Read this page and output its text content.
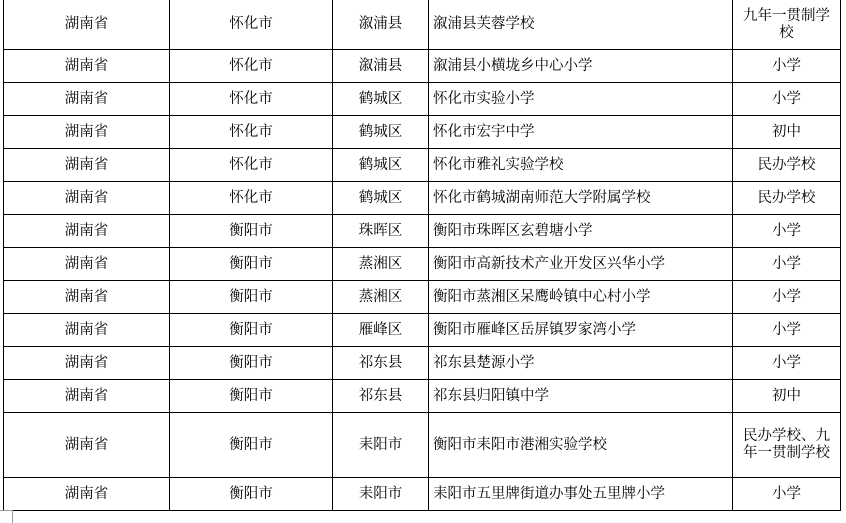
湖南省	怀化市	溆浦县	溆浦县芙蓉学校	九年一贯制学校
湖南省	怀化市	溆浦县	溆浦县小横垅乡中心小学	小学
湖南省	怀化市	鹤城区	怀化市实验小学	小学
湖南省	怀化市	鹤城区	怀化市宏宇中学	初中
湖南省	怀化市	鹤城区	怀化市雅礼实验学校	民办学校
湖南省	怀化市	鹤城区	怀化市鹤城湖南师范大学附属学校	民办学校
湖南省	衡阳市	珠晖区	衡阳市珠晖区玄碧塘小学	小学
湖南省	衡阳市	蒸湘区	衡阳市高新技术产业开发区兴华小学	小学
湖南省	衡阳市	蒸湘区	衡阳市蒸湘区呆鹰岭镇中心村小学	小学
湖南省	衡阳市	雁峰区	衡阳市雁峰区岳屏镇罗家湾小学	小学
湖南省	衡阳市	祁东县	祁东县楚源小学	小学
湖南省	衡阳市	祁东县	祁东县归阳镇中学	初中
湖南省	衡阳市	耒阳市	衡阳市耒阳市港湘实验学校	民办学校、九年一贯制学校
湖南省	衡阳市	耒阳市	耒阳市五里牌街道办事处五里牌小学	小学
